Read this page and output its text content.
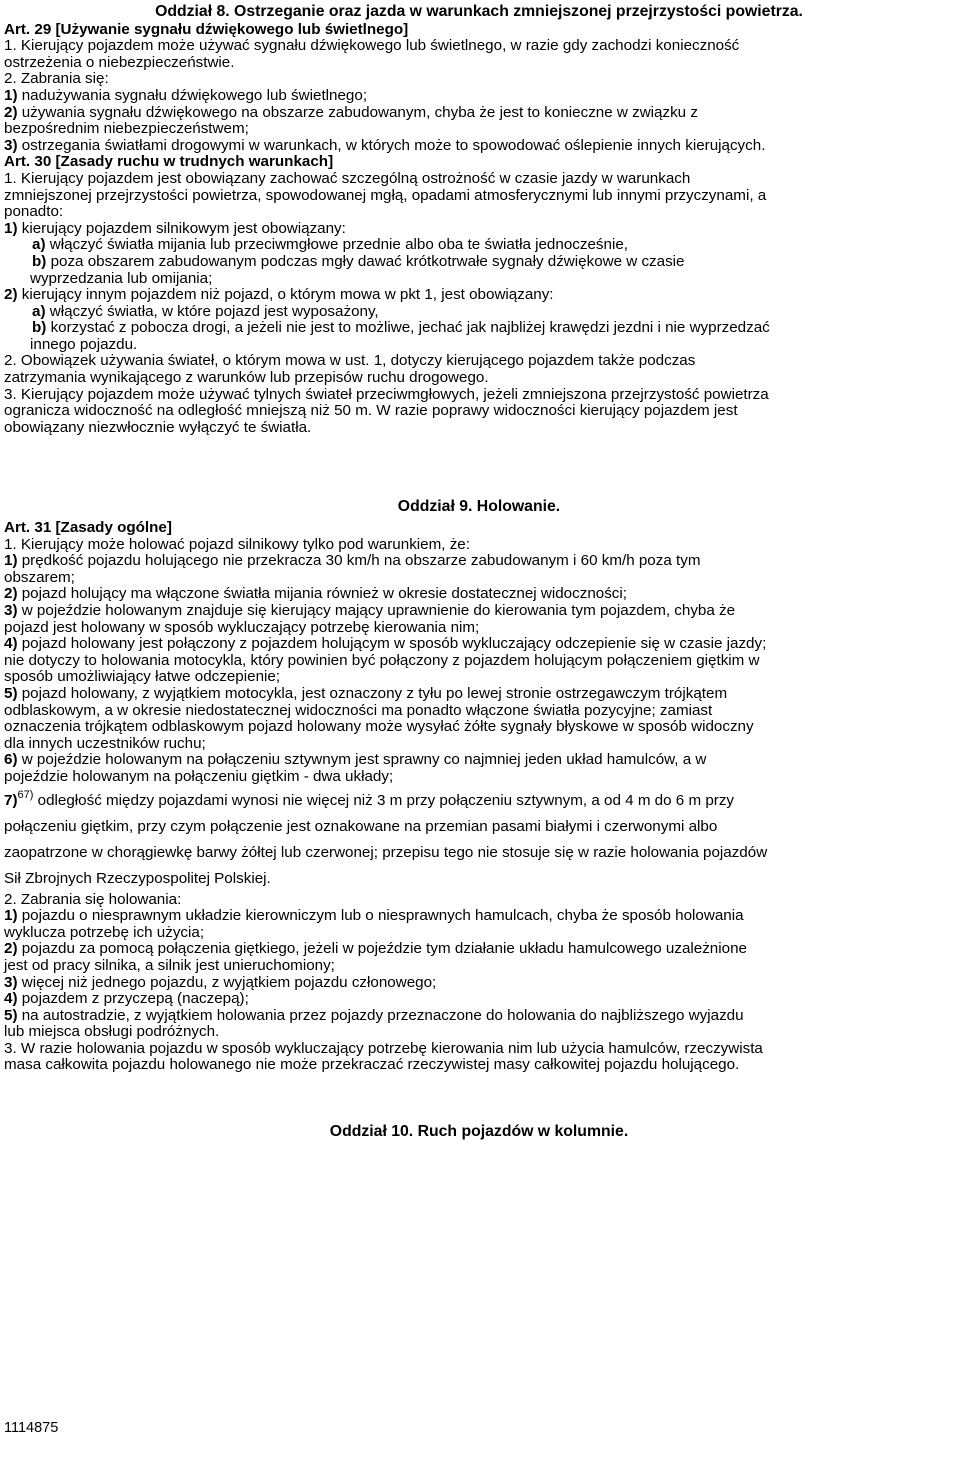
Oddział 8. Ostrzeganie oraz jazda w warunkach zmniejszonej przejrzystości powietrza.
Art. 29 [Używanie sygnału dźwiękowego lub świetlnego]
1. Kierujący pojazdem może używać sygnału dźwiękowego lub świetlnego, w razie gdy zachodzi konieczność
ostrzeżenia o niebezpieczeństwie.
2. Zabrania się:
1) nadużywania sygnału dźwiękowego lub świetlnego;
2) używania sygnału dźwiękowego na obszarze zabudowanym, chyba że jest to konieczne w związku z
bezpośrednim niebezpieczeństwem;
3) ostrzegania światłami drogowymi w warunkach, w których może to spowodować oślepienie innych kierujących.
Art. 30 [Zasady ruchu w trudnych warunkach]
1. Kierujący pojazdem jest obowiązany zachować szczególną ostrożność w czasie jazdy w warunkach
zmniejszonej przejrzystości powietrza, spowodowanej mgłą, opadami atmosferycznymi lub innymi przyczynami, a
ponadto:
1) kierujący pojazdem silnikowym jest obowiązany:
a) włączyć światła mijania lub przeciwmgłowe przednie albo oba te światła jednocześnie,
b) poza obszarem zabudowanym podczas mgły dawać krótkotrwałe sygnały dźwiękowe w czasie
wyprzedzania lub omijania;
2) kierujący innym pojazdem niż pojazd, o którym mowa w pkt 1, jest obowiązany:
a) włączyć światła, w które pojazd jest wyposażony,
b) korzystać z pobocza drogi, a jeżeli nie jest to możliwe, jechać jak najbliżej krawędzi jezdni i nie wyprzedzać
innego pojazdu.
2. Obowiązek używania świateł, o którym mowa w ust. 1, dotyczy kierującego pojazdem także podczas
zatrzymania wynikającego z warunków lub przepisów ruchu drogowego.
3. Kierujący pojazdem może używać tylnych świateł przeciwmgłowych, jeżeli zmniejszona przejrzystość powietrza
ogranicza widoczność na odległość mniejszą niż 50 m. W razie poprawy widoczności kierujący pojazdem jest
obowiązany niezwłocznie wyłączyć te światła.
Oddział 9. Holowanie.
Art. 31 [Zasady ogólne]
1. Kierujący może holować pojazd silnikowy tylko pod warunkiem, że:
1) prędkość pojazdu holującego nie przekracza 30 km/h na obszarze zabudowanym i 60 km/h poza tym
obszarem;
2) pojazd holujący ma włączone światła mijania również w okresie dostatecznej widoczności;
3) w pojeździe holowanym znajduje się kierujący mający uprawnienie do kierowania tym pojazdem, chyba że
pojazd jest holowany w sposób wykluczający potrzebę kierowania nim;
4) pojazd holowany jest połączony z pojazdem holującym w sposób wykluczający odczepienie się w czasie jazdy;
nie dotyczy to holowania motocykla, który powinien być połączony z pojazdem holującym połączeniem giętkim w
sposób umożliwiający łatwe odczepienie;
5) pojazd holowany, z wyjątkiem motocykla, jest oznaczony z tyłu po lewej stronie ostrzegawczym trójkątem
odblaskowym, a w okresie niedostatecznej widoczności ma ponadto włączone światła pozycyjne; zamiast
oznaczenia trójkątem odblaskowym pojazd holowany może wysyłać żółte sygnały błyskowe w sposób widoczny
dla innych uczestników ruchu;
6) w pojeździe holowanym na połączeniu sztywnym jest sprawny co najmniej jeden układ hamulców, a w
pojeździe holowanym na połączeniu giętkim - dwa układy;
7)$^{67)}$ odległość między pojazdami wynosi nie więcej niż 3 m przy połączeniu sztywnym, a od 4 m do 6 m przy
połączeniu giętkim, przy czym połączenie jest oznakowane na przemian pasami białymi i czerwonymi albo
zaopatrzone w chorągiewkę barwy żółtej lub czerwonej; przepisu tego nie stosuje się w razie holowania pojazdów
Sił Zbrojnych Rzeczypospolitej Polskiej.
2. Zabrania się holowania:
1) pojazdu o niesprawnym układzie kierowniczym lub o niesprawnych hamulcach, chyba że sposób holowania
wyklucza potrzebę ich użycia;
2) pojazdu za pomocą połączenia giętkiego, jeżeli w pojeździe tym działanie układu hamulcowego uzależnione
jest od pracy silnika, a silnik jest unieruchomiony;
3) więcej niż jednego pojazdu, z wyjątkiem pojazdu członowego;
4) pojazdem z przyczepą (naczepą);
5) na autostradzie, z wyjątkiem holowania przez pojazdy przeznaczone do holowania do najbliższego wyjazdu
lub miejsca obsługi podróżnych.
3. W razie holowania pojazdu w sposób wykluczający potrzebę kierowania nim lub użycia hamulców, rzeczywista
masa całkowita pojazdu holowanego nie może przekraczać rzeczywistej masy całkowitej pojazdu holującego.
Oddział 10. Ruch pojazdów w kolumnie.
1114875
